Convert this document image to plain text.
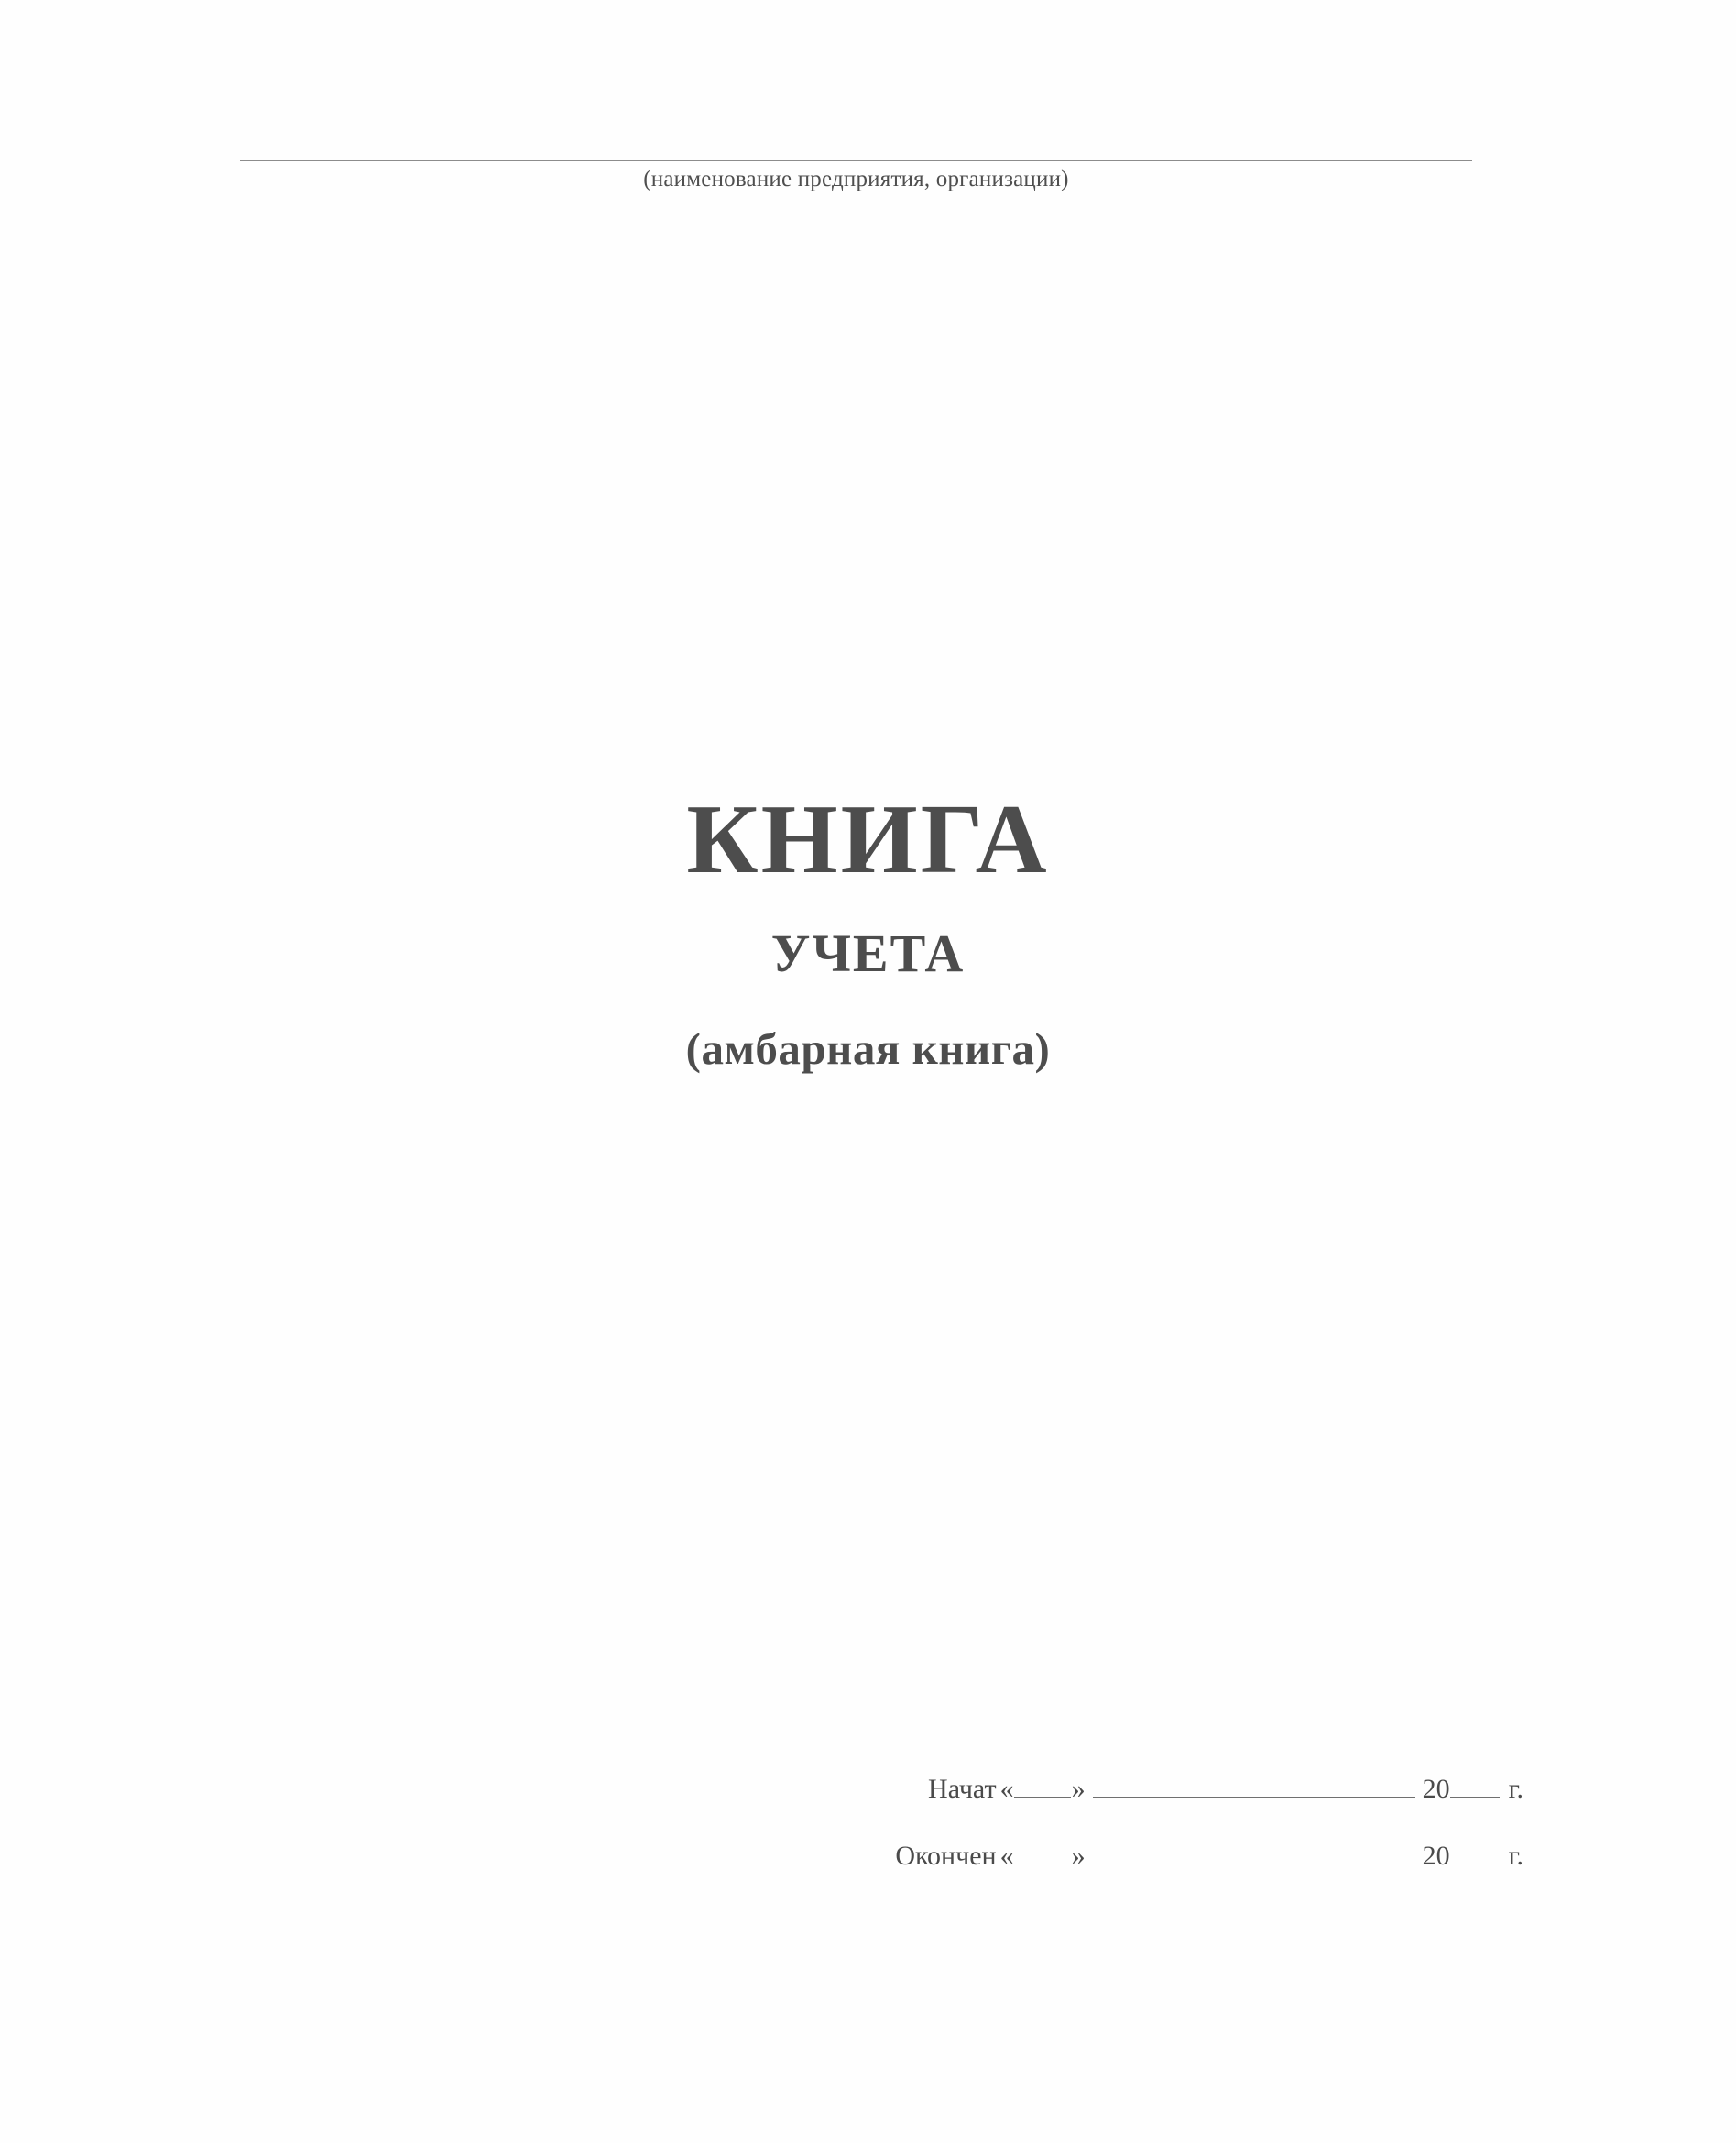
(наименование предприятия, организации)
КНИГА
УЧЕТА
(амбарная книга)
Начат « »	20 г.
Окончен « »	20 г.
